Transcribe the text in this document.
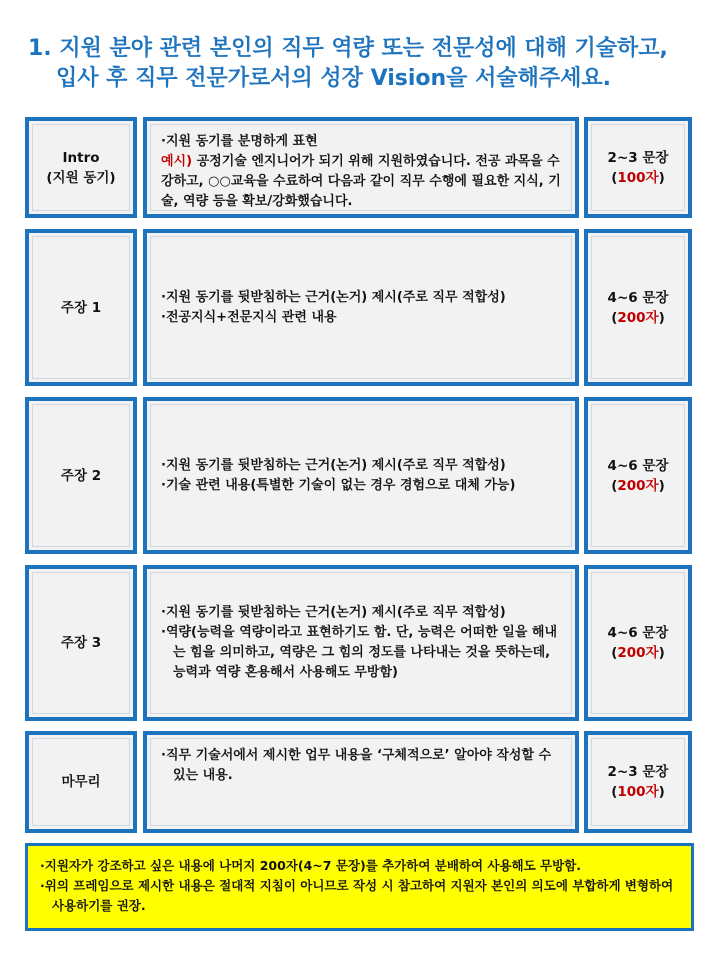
1. 지원 분야 관련 본인의 직무 역량 또는 전문성에 대해 기술하고,
입사 후 직무 전문가로서의 성장 Vision을 서술해주세요.
Intro
(지원 동기)
·지원 동기를 분명하게 표현
예시) 공정기술 엔지니어가 되기 위해 지원하였습니다. 전공 과목을 수강하고, ○○교육을 수료하여 다음과 같이 직무 수행에 필요한 지식, 기술, 역량 등을 확보/강화했습니다.
2~3 문장
(100자)
주장 1
·지원 동기를 뒷받침하는 근거(논거) 제시(주로 직무 적합성)
·전공지식+전문지식 관련 내용
4~6 문장
(200자)
주장 2
·지원 동기를 뒷받침하는 근거(논거) 제시(주로 직무 적합성)
·기술 관련 내용(특별한 기술이 없는 경우 경험으로 대체 가능)
4~6 문장
(200자)
주장 3
·지원 동기를 뒷받침하는 근거(논거) 제시(주로 직무 적합성)
·역량(능력을 역량이라고 표현하기도 함. 단, 능력은 어떠한 일을 해내는 힘을 의미하고, 역량은 그 힘의 정도를 나타내는 것을 뜻하는데, 능력과 역량 혼용해서 사용해도 무방함)
4~6 문장
(200자)
마무리
·직무 기술서에서 제시한 업무 내용을 ‘구체적으로’ 알아야 작성할 수 있는 내용.	2~3 문장
(100자)
·지원자가 강조하고 싶은 내용에 나머지 200자(4~7 문장)를 추가하여 분배하여 사용해도 무방함.
·위의 프레임으로 제시한 내용은 절대적 지침이 아니므로 작성 시 참고하여 지원자 본인의 의도에 부합하게 변형하여 사용하기를 권장.
